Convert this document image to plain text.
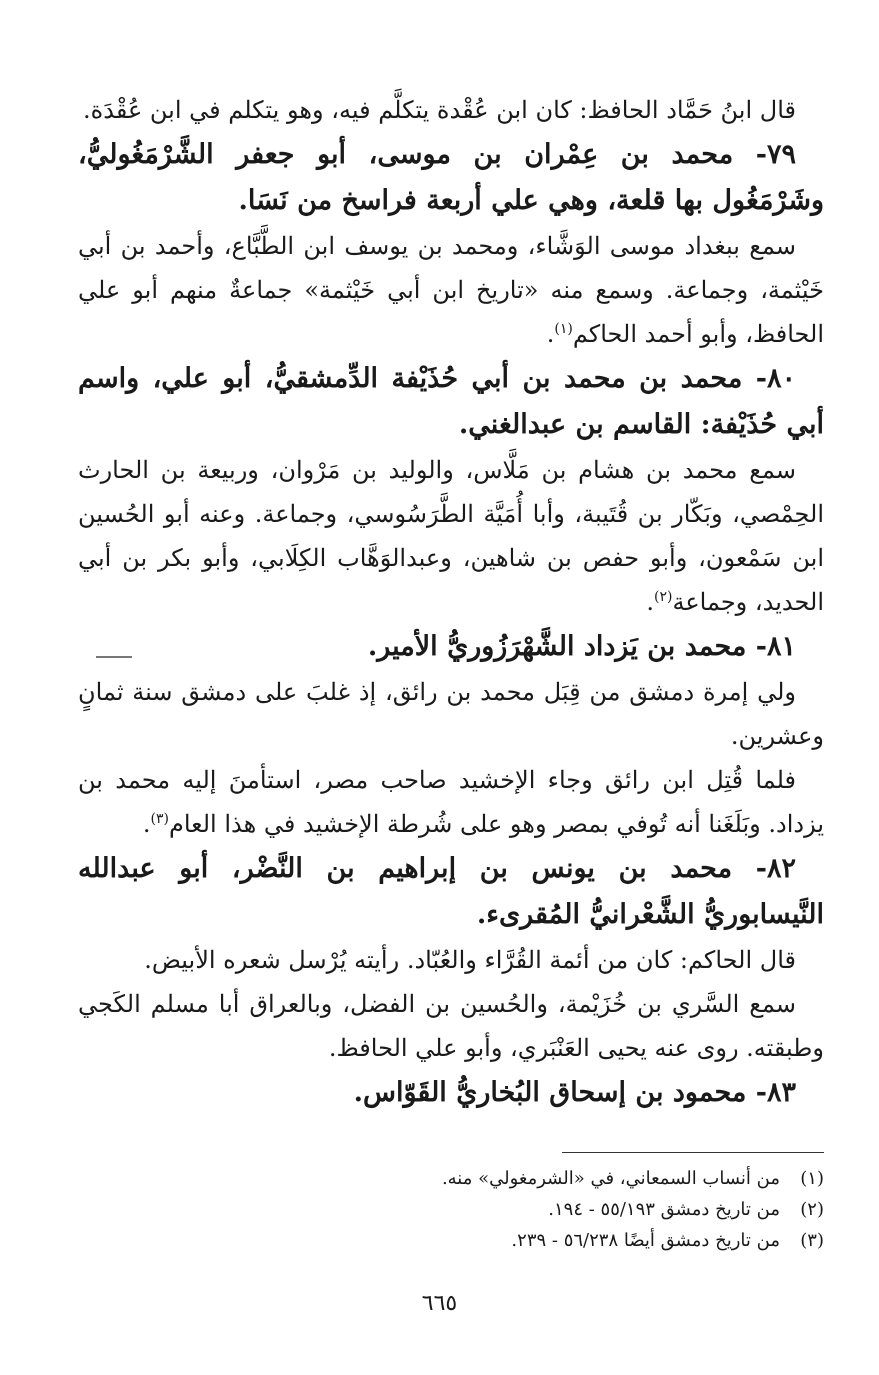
قال ابنُ حَمَّاد الحافظ: كان ابن عُقْدة يتكلَّم فيه، وهو يتكلم في ابن عُقْدَة.

٧٩- محمد بن عِمْران بن موسى، أبو جعفر الشَّرْمَغُوليُّ، وشَرْمَغُول بها قلعة، وهي علي أربعة فراسخ من نَسَا.

سمع ببغداد موسى الوَشَّاء، ومحمد بن يوسف ابن الطَّبَّاع، وأحمد بن أبي خَيْثمة، وجماعة. وسمع منه «تاريخ ابن أبي خَيْثمة» جماعةٌ منهم أبو علي الحافظ، وأبو أحمد الحاكم$^{(١)}$.

٨٠- محمد بن محمد بن أبي حُذَيْفة الدِّمشقيُّ، أبو علي، واسم أبي حُذَيْفة: القاسم بن عبدالغني.

سمع محمد بن هشام بن مَلَّاس، والوليد بن مَرْوان، وربيعة بن الحارث الحِمْصي، وبَكّار بن قُتَيبة، وأبا أُمَيَّة الطَّرَسُوسي، وجماعة. وعنه أبو الحُسين ابن سَمْعون، وأبو حفص بن شاهين، وعبدالوَهَّاب الكِلَابي، وأبو بكر بن أبي الحديد، وجماعة$^{(٢)}$.

٨١- محمد بن يَزداد الشَّهْرَزُوريُّ الأمير.

ولي إمرة دمشق من قِبَل محمد بن رائق، إذ غلبَ على دمشق سنة ثمانٍ وعشرين.

فلما قُتِل ابن رائق وجاء الإخشيد صاحب مصر، استأمنَ إليه محمد بن يزداد. وبَلَغَنا أنه تُوفي بمصر وهو على شُرطة الإخشيد في هذا العام$^{(٣)}$.

٨٢- محمد بن يونس بن إبراهيم بن النَّضْر، أبو عبدالله النَّيسابوريُّ الشَّعْرانيُّ المُقرىء.

قال الحاكم: كان من أئمة القُرَّاء والعُبّاد. رأيته يُرْسل شعره الأبيض.

سمع السَّري بن خُزَيْمة، والحُسين بن الفضل، وبالعراق أبا مسلم الكَجي وطبقته. روى عنه يحيى العَنْبَري، وأبو علي الحافظ.

٨٣- محمود بن إسحاق البُخاريُّ القَوّاس.

(١)من أنساب السمعاني، في «الشرمغولي» منه.
(٢)من تاريخ دمشق ٥٥/١٩٣ - ١٩٤.
(٣)من تاريخ دمشق أيضًا ٥٦/٢٣٨ - ٢٣٩.
٦٦٥
